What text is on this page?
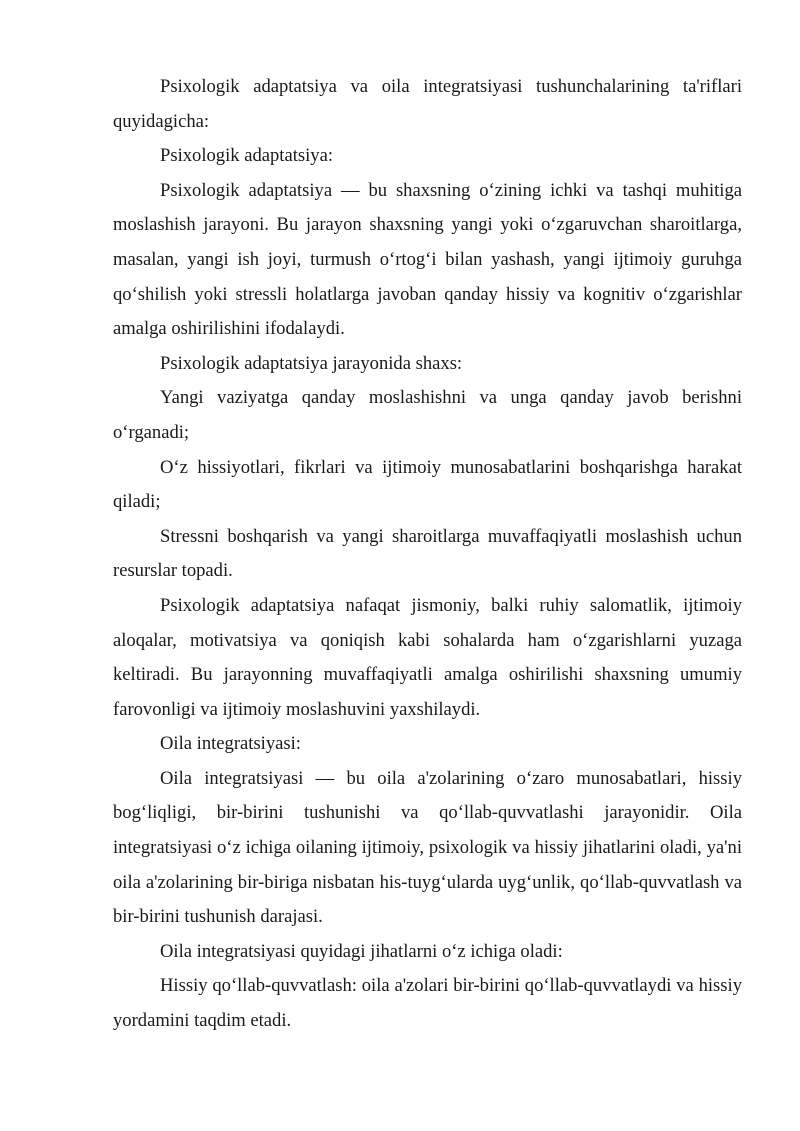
Psixologik adaptatsiya va oila integratsiyasi tushunchalarining ta'riflari quyidagicha:

Psixologik adaptatsiya:

Psixologik adaptatsiya — bu shaxsning o‘zining ichki va tashqi muhitiga moslashish jarayoni. Bu jarayon shaxsning yangi yoki o‘zgaruvchan sharoitlarga, masalan, yangi ish joyi, turmush o‘rtog‘i bilan yashash, yangi ijtimoiy guruhga qo‘shilish yoki stressli holatlarga javoban qanday hissiy va kognitiv o‘zgarishlar amalga oshirilishini ifodalaydi.

Psixologik adaptatsiya jarayonida shaxs:

Yangi vaziyatga qanday moslashishni va unga qanday javob berishni o‘rganadi;

O‘z hissiyotlari, fikrlari va ijtimoiy munosabatlarini boshqarishga harakat qiladi;

Stressni boshqarish va yangi sharoitlarga muvaffaqiyatli moslashish uchun resurslar topadi.

Psixologik adaptatsiya nafaqat jismoniy, balki ruhiy salomatlik, ijtimoiy aloqalar, motivatsiya va qoniqish kabi sohalarda ham o‘zgarishlarni yuzaga keltiradi. Bu jarayonning muvaffaqiyatli amalga oshirilishi shaxsning umumiy farovonligi va ijtimoiy moslashuvini yaxshilaydi.

Oila integratsiyasi:

Oila integratsiyasi — bu oila a'zolarining o‘zaro munosabatlari, hissiy bog‘liqligi, bir-birini tushunishi va qo‘llab-quvvatlashi jarayonidir. Oila integratsiyasi o‘z ichiga oilaning ijtimoiy, psixologik va hissiy jihatlarini oladi, ya'ni oila a'zolarining bir-biriga nisbatan his-tuyg‘ularda uyg‘unlik, qo‘llab-quvvatlash va bir-birini tushunish darajasi.

Oila integratsiyasi quyidagi jihatlarni o‘z ichiga oladi:

Hissiy qo‘llab-quvvatlash: oila a'zolari bir-birini qo‘llab-quvvatlaydi va hissiy yordamini taqdim etadi.
